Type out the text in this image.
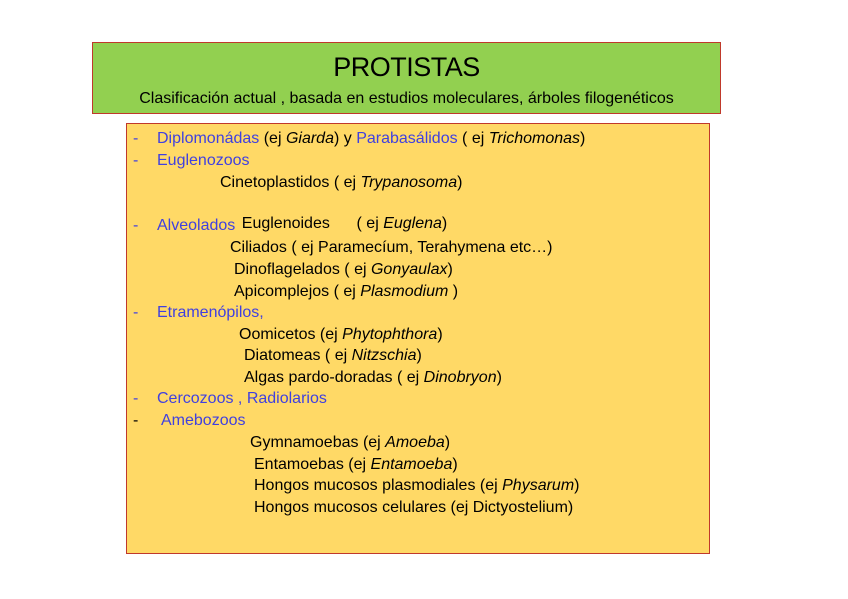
PROTISTAS
Clasificación actual , basada en estudios moleculares, árboles filogenéticos
- Diplomonádas (ej Giarda) y Parabasálidos ( ej Trichomonas)
- Euglenozoos
Cinetoplastidos ( ej Trypanosoma)

Euglenoides      ( ej Euglena)

- Alveolados
Ciliados ( ej Paramecíum, Terahymena etc…)
Dinoflagelados ( ej Gonyaulax)
Apicomplejos ( ej Plasmodium )
- Etramenópilos,
Oomicetos (ej Phytophthora)
Diatomeas ( ej Nitzschia)
Algas pardo-doradas ( ej Dinobryon)
- Cercozoos , Radiolarios
- Amebozoos
Gymnamoebas (ej Amoeba)
Entamoebas (ej Entamoeba)
Hongos mucosos plasmodiales (ej Physarum)
Hongos mucosos celulares (ej Dictyostelium)
